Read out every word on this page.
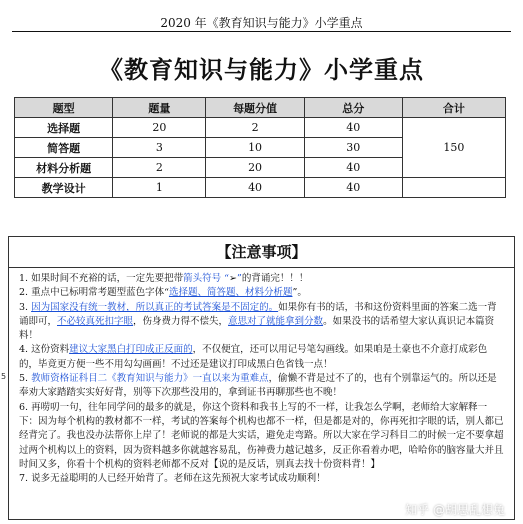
2020 年《教育知识与能力》小学重点
《教育知识与能力》小学重点
题型	题量	每题分值	总分	合计
选择题	20	2	40	150
简答题	3	10	30	
材料分析题	2	20	40	
教学设计	1	40	40	
【注意事项】

1. 如果时间不充裕的话，一定先要把带箭头符号 “➢”的背诵完！！！

2. 重点中已标明常考题型蓝色字体“选择题、简答题、材料分析题”。

3. 因为国家没有统一教材，所以真正的考试答案是不固定的。如果你有书的话，书和这份资料里面的答案二选一背诵即可，不必较真死扣字眼，伤身费力得不偿失，意思对了就能拿到分数。如果没书的话希望大家认真识记本篇资料！

4. 这份资料建议大家黑白打印成正反面的，不仅便宜，还可以用记号笔勾画线。如果咱是土豪也不介意打成彩色的，毕竟更方便一些不用勾勾画画！不过还是建议打印成黑白色省钱一点！

5. 教师资格证科目二《教育知识与能力》一直以来为重难点，偷懒不背是过不了的，也有个别靠运气的。所以还是奉劝大家踏踏实实好好背，别等下次那些没用的，拿到证书再聊那些也不晚！

6. 再唠叨一句，往年同学问的最多的就是，你这个资料和我书上写的不一样，让我怎么学啊，老师给大家解释一下：因为每个机构的教材都不一样，考试的答案每个机构也都不一样，但是都是对的，你再死扣字眼的话，别人都已经背完了。我也没办法帮你上岸了！老师说的都是大实话，避免走弯路。所以大家在学习科目二的时候一定不要拿超过两个机构以上的资料，因为资料越多你就越容易乱，伤神费力越记越多，反正你看着办吧，哈哈你的脑容量大并且时间又多，你看十个机构的资料老师都不反对【说的是反话，别真去找十份资料背！】

7. 说多无益聪明的人已经开始背了。老师在这先预祝大家考试成功顺利！

5
知乎 @胡思乱想兔
